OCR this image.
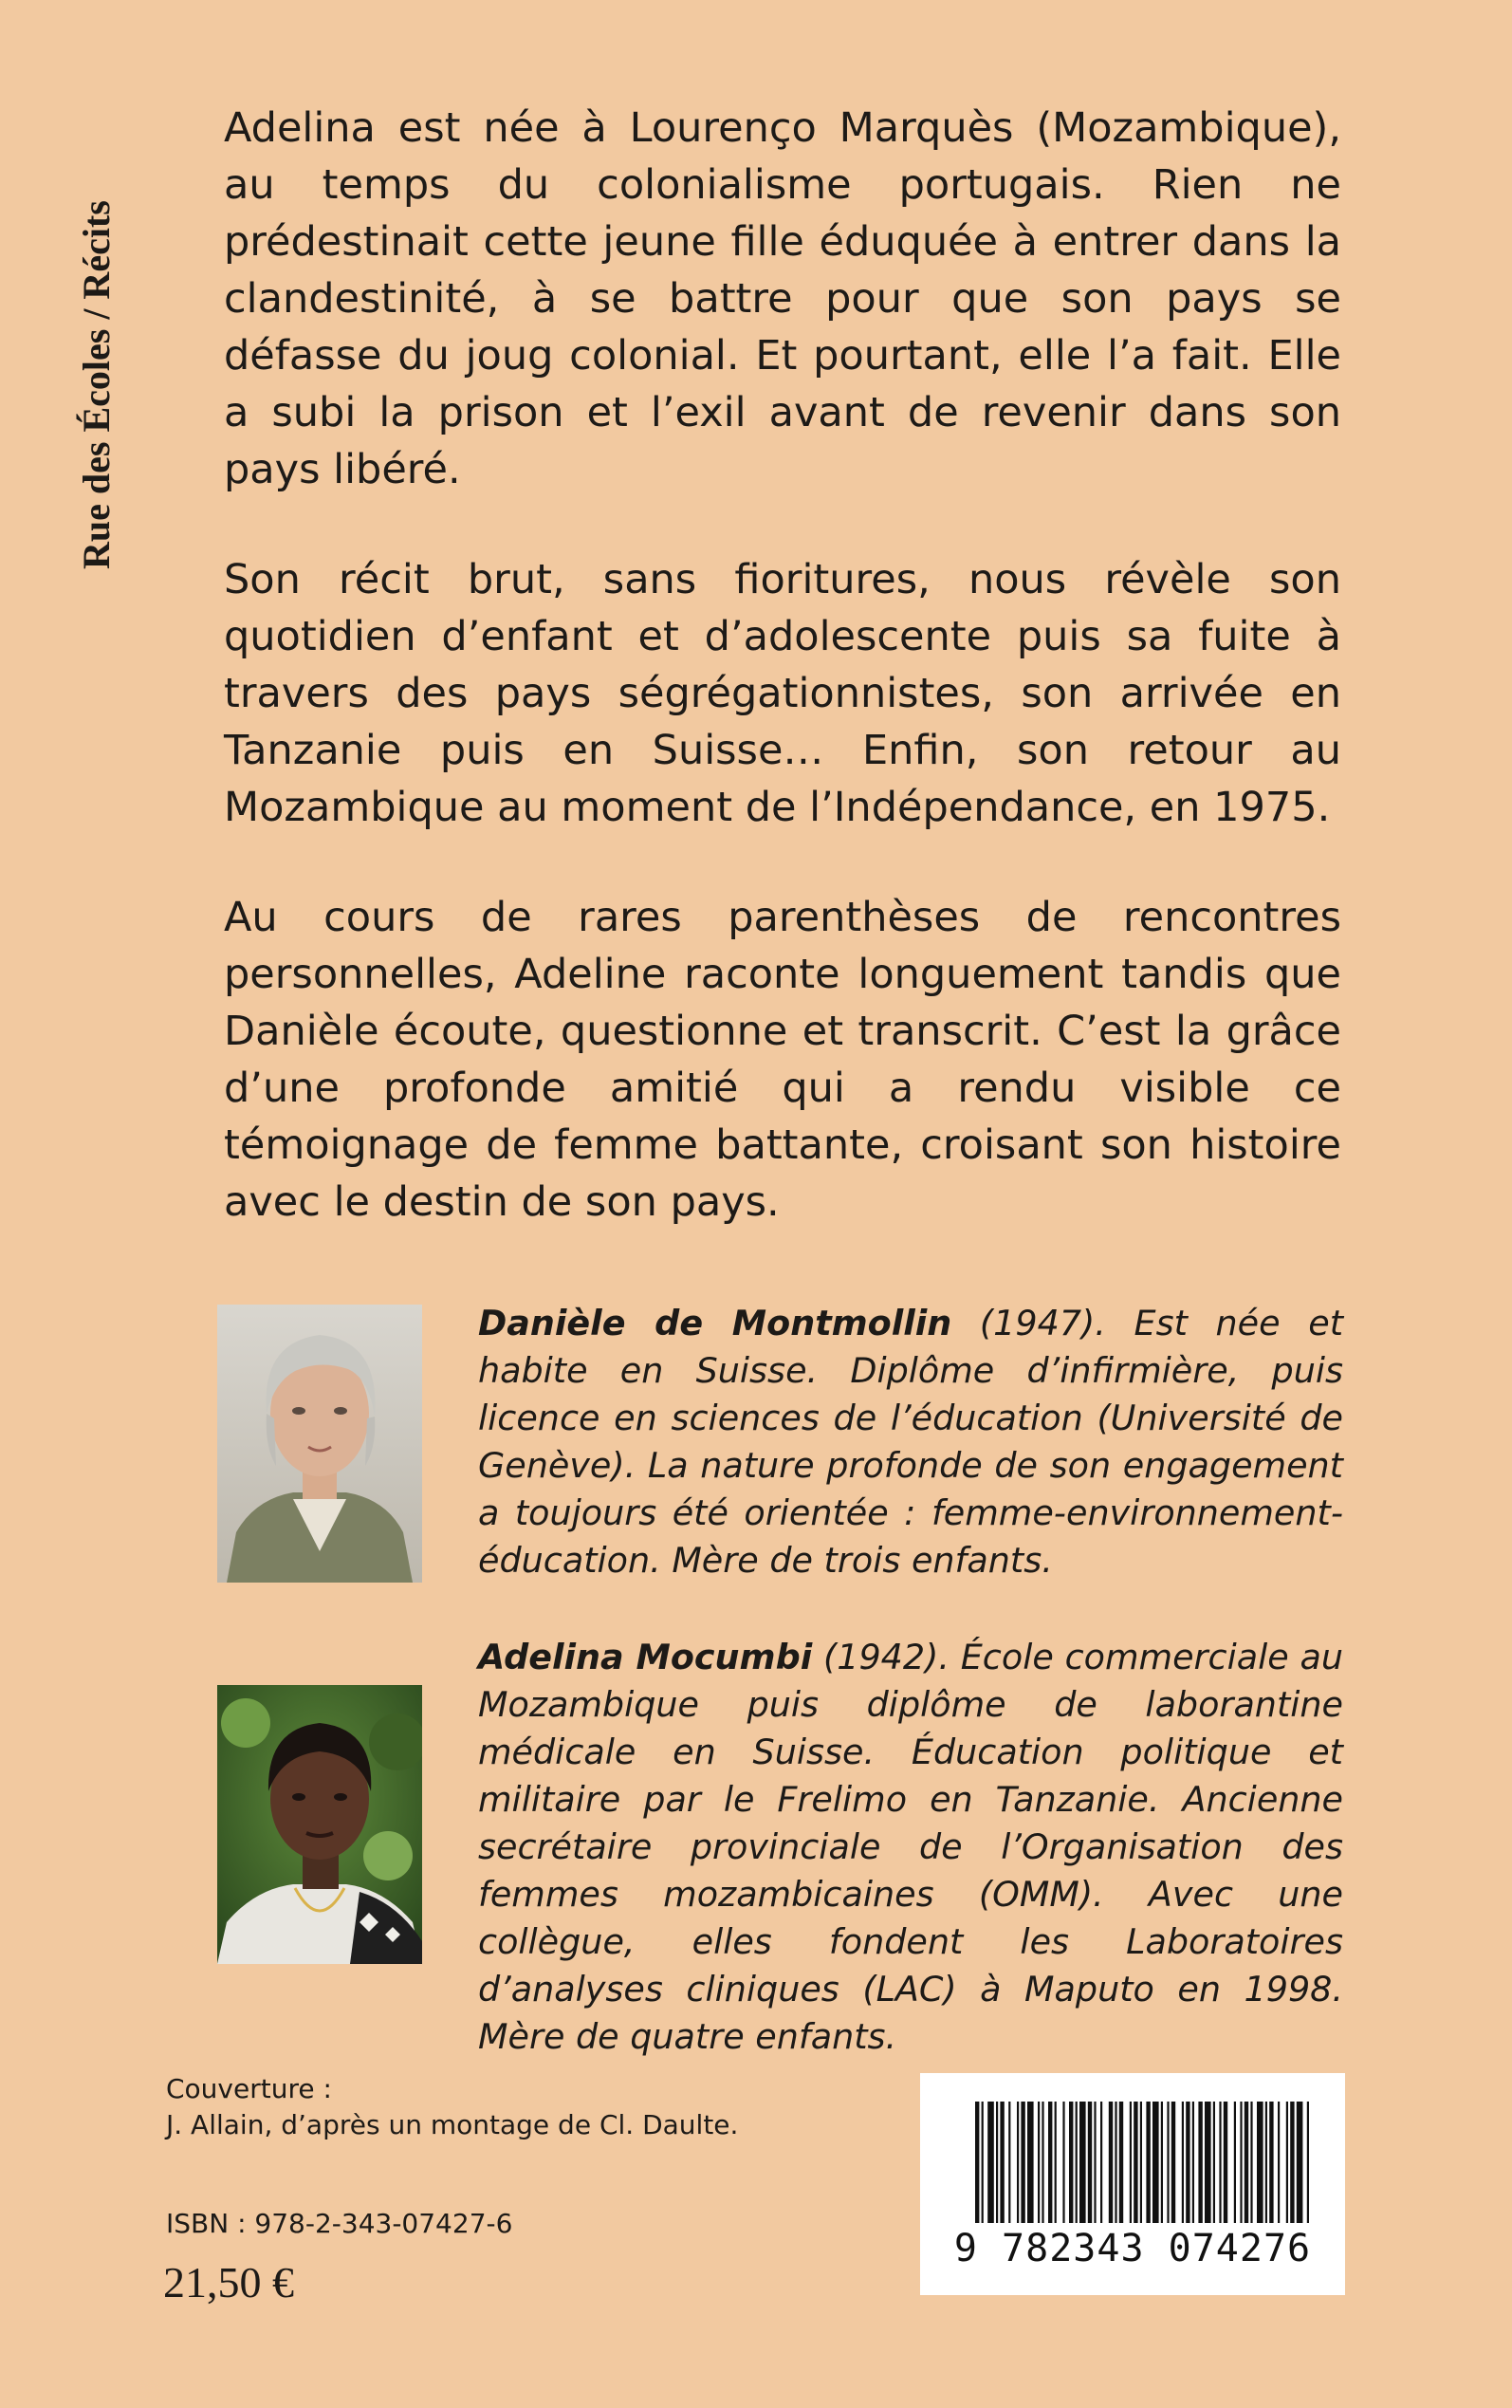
Rue des Écoles / Récits

Adelina est née à Lourenço Marquès (Mozambique), au temps du colonialisme portugais. Rien ne prédestinait cette jeune fille éduquée à entrer dans la clandestinité, à se battre pour que son pays se défasse du joug colonial. Et pourtant, elle l’a fait. Elle a subi la prison et l’exil avant de revenir dans son pays libéré.

Son récit brut, sans fioritures, nous révèle son quotidien d’enfant et d’adolescente puis sa fuite à travers des pays ségrégationnistes, son arrivée en Tanzanie puis en Suisse… Enfin, son retour au Mozambique au moment de l’Indépendance, en 1975.

Au cours de rares parenthèses de rencontres personnelles, Adeline raconte longuement tandis que Danièle écoute, questionne et transcrit. C’est la grâce d’une profonde amitié qui a rendu visible ce témoignage de femme battante, croisant son histoire avec le destin de son pays.

Danièle de Montmollin (1947). Est née et habite en Suisse. Diplôme d’infirmière, puis licence en sciences de l’éducation (Université de Genève). La nature profonde de son engagement a toujours été orientée : femme-environnement-éducation. Mère de trois enfants.
Adelina Mocumbi (1942). École commerciale au Mozambique puis diplôme de laborantine médicale en Suisse. Éducation politique et militaire par le Frelimo en Tanzanie. Ancienne secrétaire provinciale de l’Organisation des femmes mozambicaines (OMM). Avec une collègue, elles fondent les Laboratoires d’analyses cliniques (LAC) à Maputo en 1998. Mère de quatre enfants.
Couverture :
J. Allain, d’après un montage de Cl. Daulte.
ISBN : 978-2-343-07427-6
21,50 €
9 782343 074276
